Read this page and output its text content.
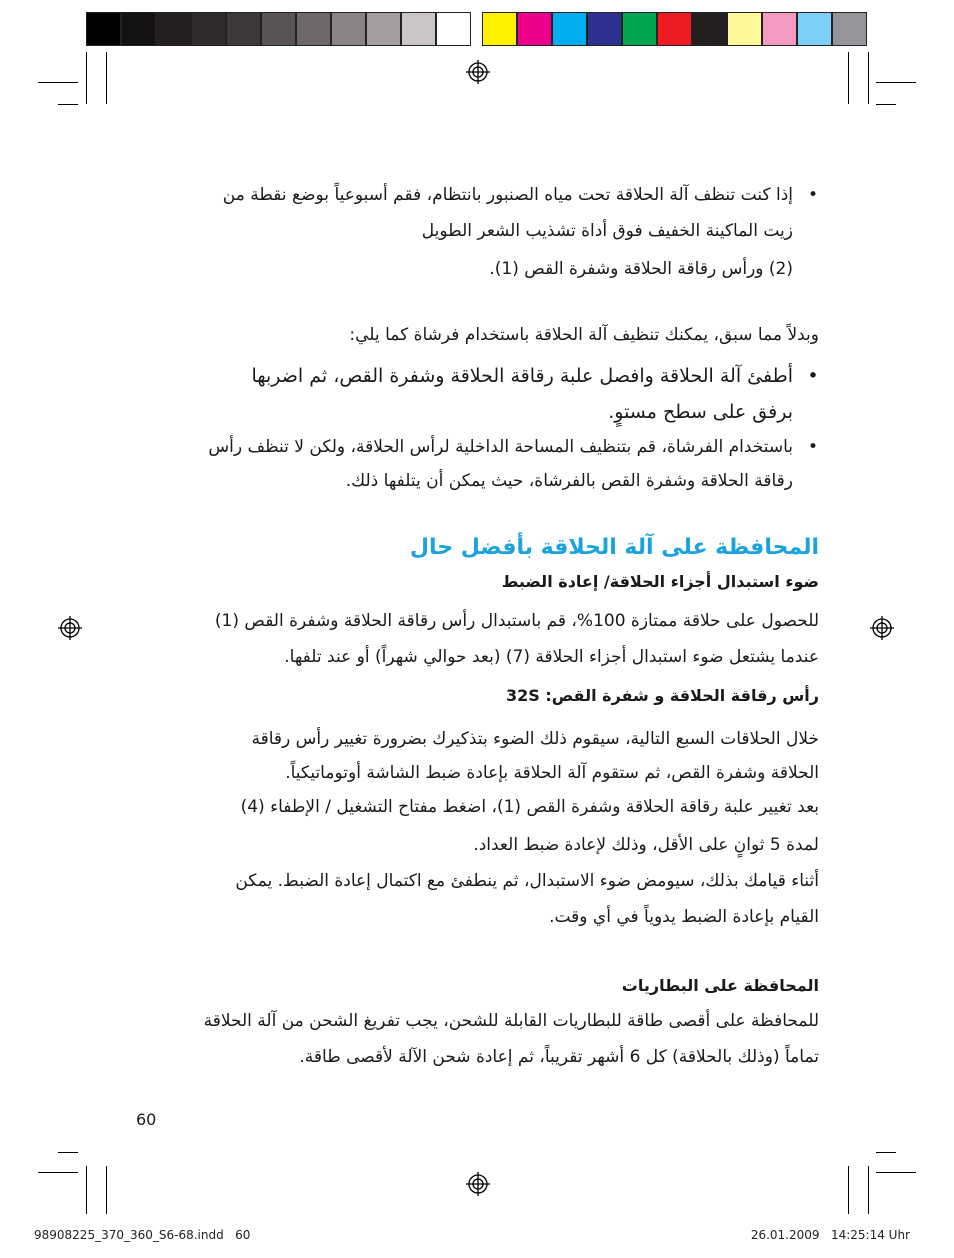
•
إذا كنت تنظف آلة الحلاقة تحت مياه الصنبور بانتظام، فقم أسبوعياً بوضع نقطة من
زيت الماكينة الخفيف فوق أداة تشذيب الشعر الطويل
(2) ورأس رقاقة الحلاقة وشفرة القص (1).
وبدلاً مما سبق، يمكنك تنظيف آلة الحلاقة باستخدام فرشاة كما يلي:
•
أطفئ آلة الحلاقة وافصل علبة رقاقة الحلاقة وشفرة القص، ثم اضربها
برفق على سطح مستوٍ.
•
باستخدام الفرشاة، قم بتنظيف المساحة الداخلية لرأس الحلاقة، ولكن لا تنظف رأس
رقاقة الحلاقة وشفرة القص بالفرشاة، حيث يمكن أن يتلفها ذلك.
المحافظة على آلة الحلاقة بأفضل حال
ضوء استبدال أجزاء الحلاقة/ إعادة الضبط
للحصول على حلاقة ممتازة 100%، قم باستبدال رأس رقاقة الحلاقة وشفرة القص (1)
عندما يشتعل ضوء استبدال أجزاء الحلاقة (7) (بعد حوالي شهراً) أو عند تلفها.
رأس رقاقة الحلاقة و شفرة القص: 32S
خلال الحلاقات السبع التالية، سيقوم ذلك الضوء بتذكيرك بضرورة تغيير رأس رقاقة
الحلاقة وشفرة القص، ثم ستقوم آلة الحلاقة بإعادة ضبط الشاشة أوتوماتيكياً.
بعد تغيير علبة رقاقة الحلاقة وشفرة القص (1)، اضغط مفتاح التشغيل / الإطفاء (4)
لمدة 5 ثوانٍ على الأقل، وذلك لإعادة ضبط العداد.
أثناء قيامك بذلك، سيومض ضوء الاستبدال، ثم ينطفئ مع اكتمال إعادة الضبط. يمكن
القيام بإعادة الضبط يدوياً في أي وقت.
المحافظة على البطاريات
للمحافظة على أقصى طاقة للبطاريات القابلة للشحن، يجب تفريغ الشحن من آلة الحلاقة
تماماً (وذلك بالحلاقة) كل 6 أشهر تقريباً، ثم إعادة شحن الآلة لأقصى طاقة.
60
98908225_370_360_S6-68.indd   60	26.01.2009   14:25:14 Uhr
